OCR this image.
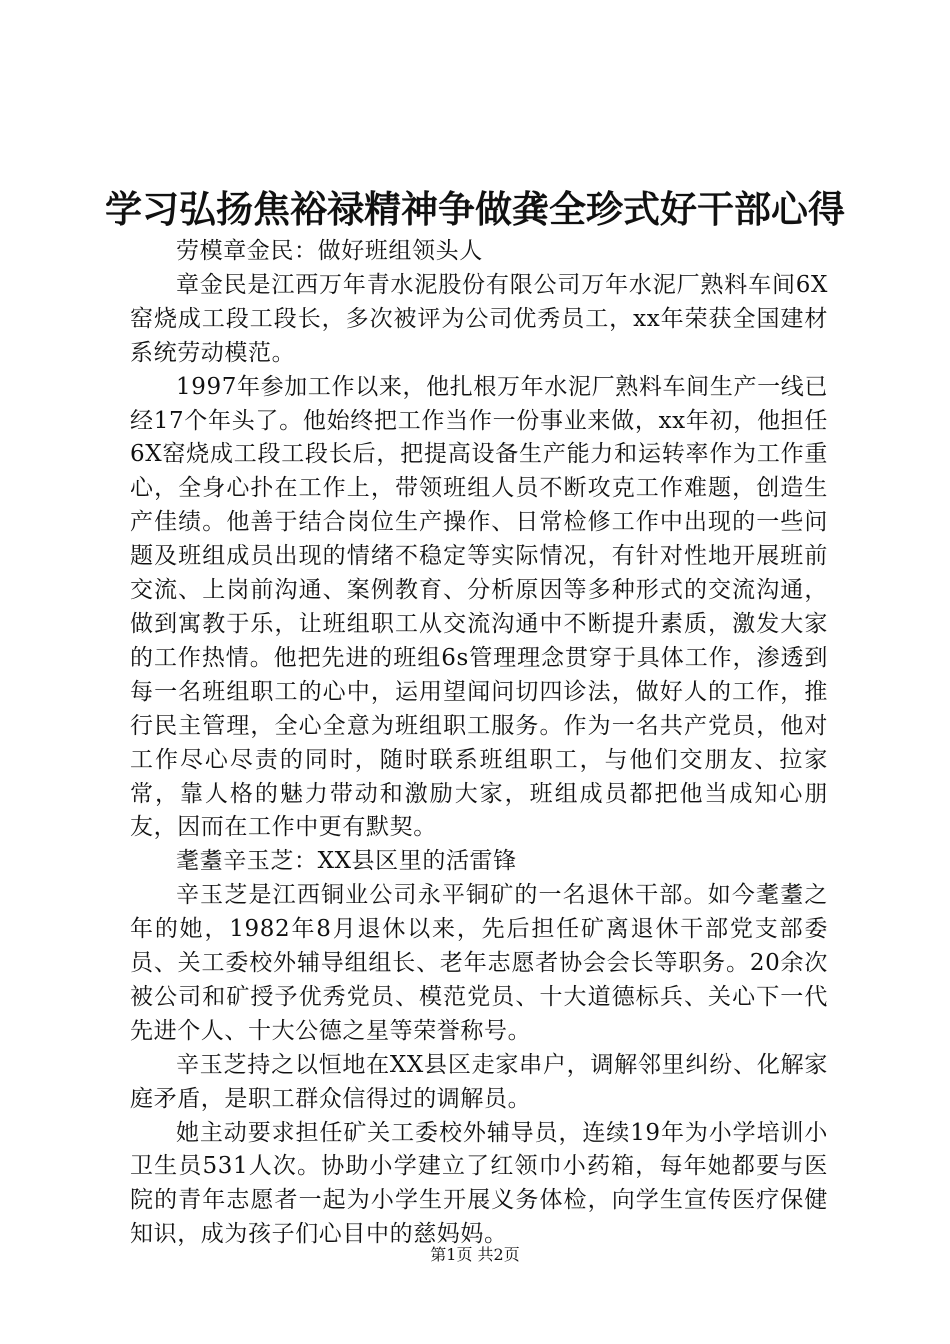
学习弘扬焦裕禄精神争做龚全珍式好干部心得

劳模章金民：做好班组领头人

章金民是江西万年青水泥股份有限公司万年水泥厂熟料车间6X窑烧成工段工段长，多次被评为公司优秀员工，xx年荣获全国建材系统劳动模范。

1997年参加工作以来，他扎根万年水泥厂熟料车间生产一线已经17个年头了。他始终把工作当作一份事业来做，xx年初，他担任6X窑烧成工段工段长后，把提高设备生产能力和运转率作为工作重心，全身心扑在工作上，带领班组人员不断攻克工作难题，创造生产佳绩。他善于结合岗位生产操作、日常检修工作中出现的一些问题及班组成员出现的情绪不稳定等实际情况，有针对性地开展班前交流、上岗前沟通、案例教育、分析原因等多种形式的交流沟通，做到寓教于乐，让班组职工从交流沟通中不断提升素质，激发大家的工作热情。他把先进的班组6s管理理念贯穿于具体工作，渗透到每一名班组职工的心中，运用望闻问切四诊法，做好人的工作，推行民主管理，全心全意为班组职工服务。作为一名共产党员，他对工作尽心尽责的同时，随时联系班组职工，与他们交朋友、拉家常，靠人格的魅力带动和激励大家，班组成员都把他当成知心朋友，因而在工作中更有默契。

耄耋辛玉芝：XX县区里的活雷锋

辛玉芝是江西铜业公司永平铜矿的一名退休干部。如今耄耋之年的她，1982年8月退休以来，先后担任矿离退休干部党支部委员、关工委校外辅导组组长、老年志愿者协会会长等职务。20余次被公司和矿授予优秀党员、模范党员、十大道德标兵、关心下一代先进个人、十大公德之星等荣誉称号。

辛玉芝持之以恒地在XX县区走家串户，调解邻里纠纷、化解家庭矛盾，是职工群众信得过的调解员。

她主动要求担任矿关工委校外辅导员，连续19年为小学培训小卫生员531人次。协助小学建立了红领巾小药箱，每年她都要与医院的青年志愿者一起为小学生开展义务体检，向学生宣传医疗保健知识，成为孩子们心目中的慈妈妈。

第1页 共2页
